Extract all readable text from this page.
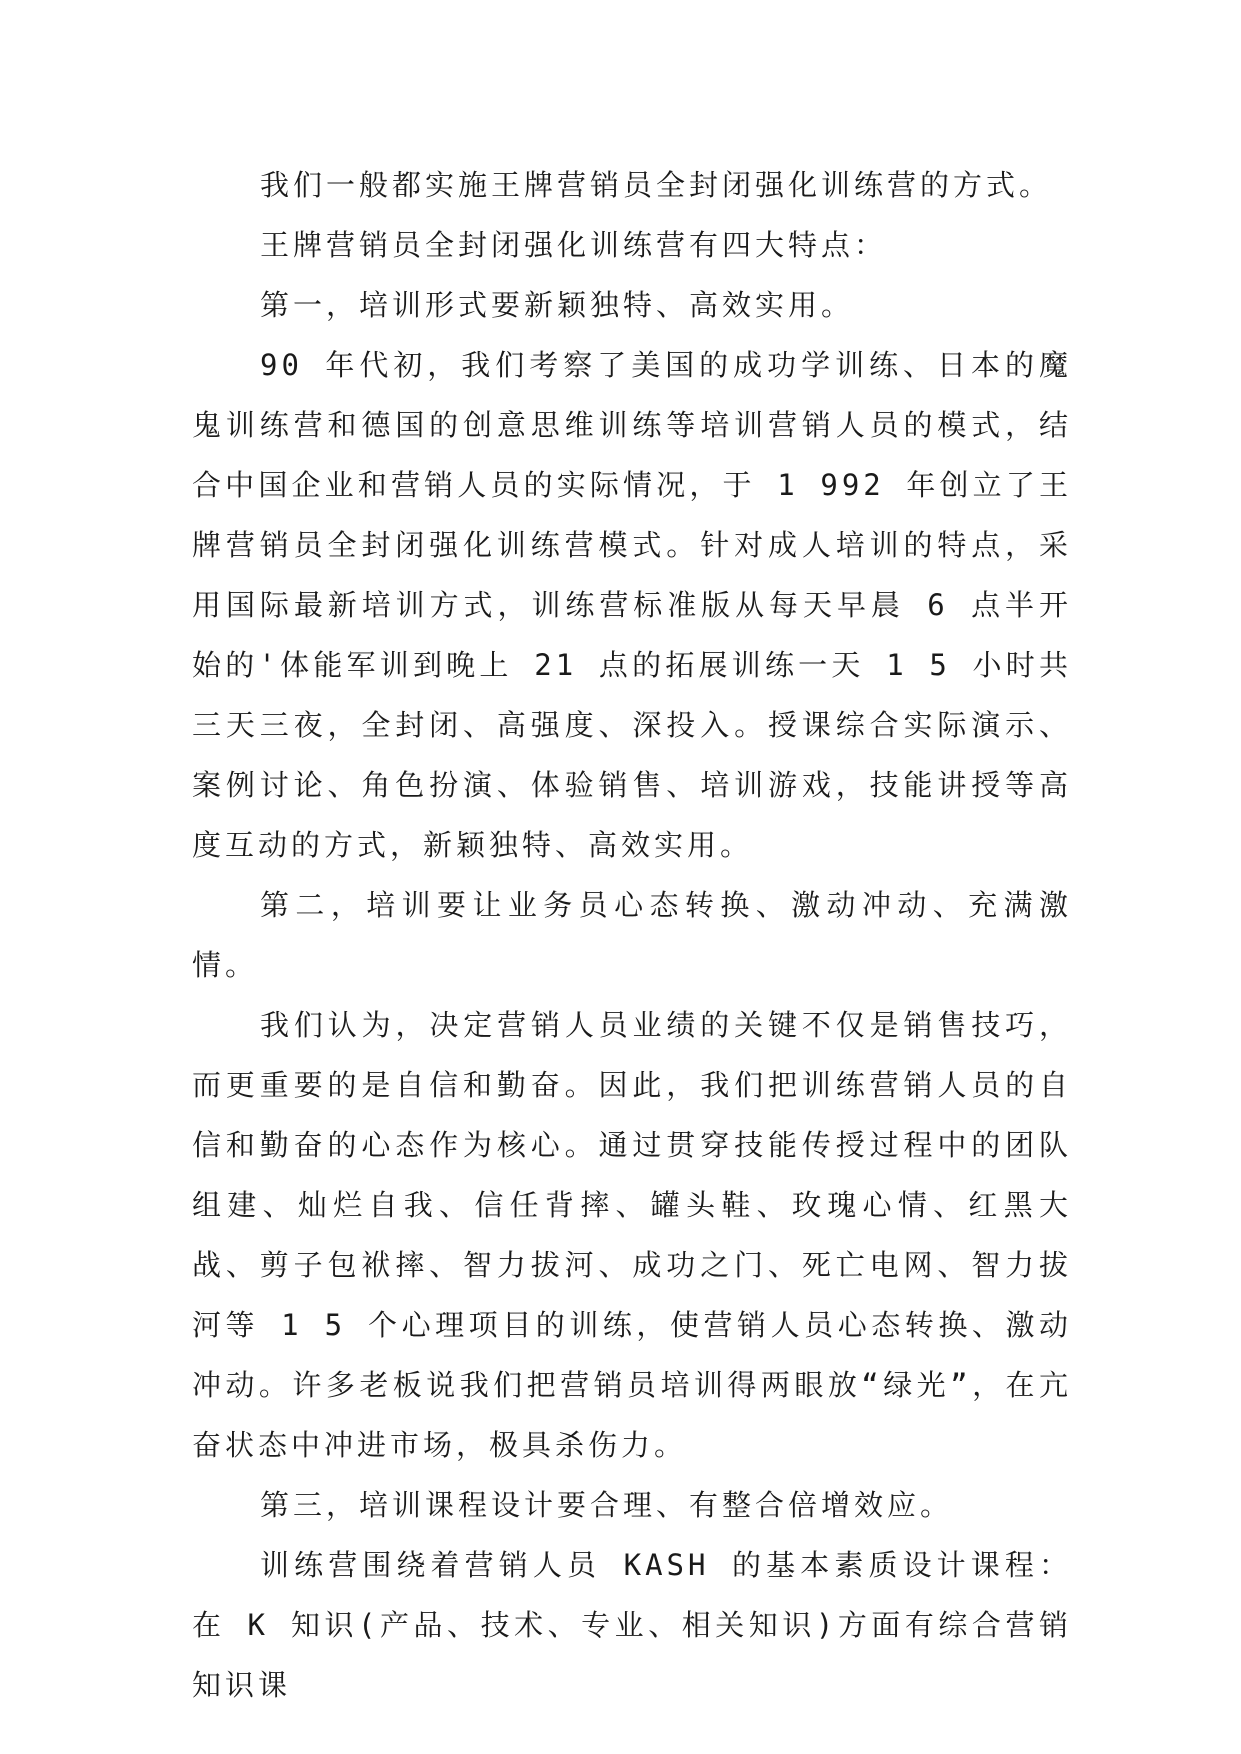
我们一般都实施王牌营销员全封闭强化训练营的方式。

王牌营销员全封闭强化训练营有四大特点：

第一，培训形式要新颖独特、高效实用。

90 年代初，我们考察了美国的成功学训练、日本的魔鬼训练营和德国的创意思维训练等培训营销人员的模式，结合中国企业和营销人员的实际情况，于 1 992 年创立了王牌营销员全封闭强化训练营模式。针对成人培训的特点，采用国际最新培训方式，训练营标准版从每天早晨 6 点半开始的'体能军训到晚上 21 点的拓展训练一天 1 5 小时共三天三夜，全封闭、高强度、深投入。授课综合实际演示、案例讨论、角色扮演、体验销售、培训游戏，技能讲授等高度互动的方式，新颖独特、高效实用。

第二，培训要让业务员心态转换、激动冲动、充满激情。

我们认为，决定营销人员业绩的关键不仅是销售技巧，而更重要的是自信和勤奋。因此，我们把训练营销人员的自信和勤奋的心态作为核心。通过贯穿技能传授过程中的团队组建、灿烂自我、信任背摔、罐头鞋、玫瑰心情、红黑大战、剪子包袱摔、智力拔河、成功之门、死亡电网、智力拔河等 1 5 个心理项目的训练，使营销人员心态转换、激动冲动。许多老板说我们把营销员培训得两眼放“绿光”，在亢奋状态中冲进市场，极具杀伤力。

第三，培训课程设计要合理、有整合倍增效应。

训练营围绕着营销人员 KASH 的基本素质设计课程：在 K 知识(产品、技术、专业、相关知识)方面有综合营销知识课
